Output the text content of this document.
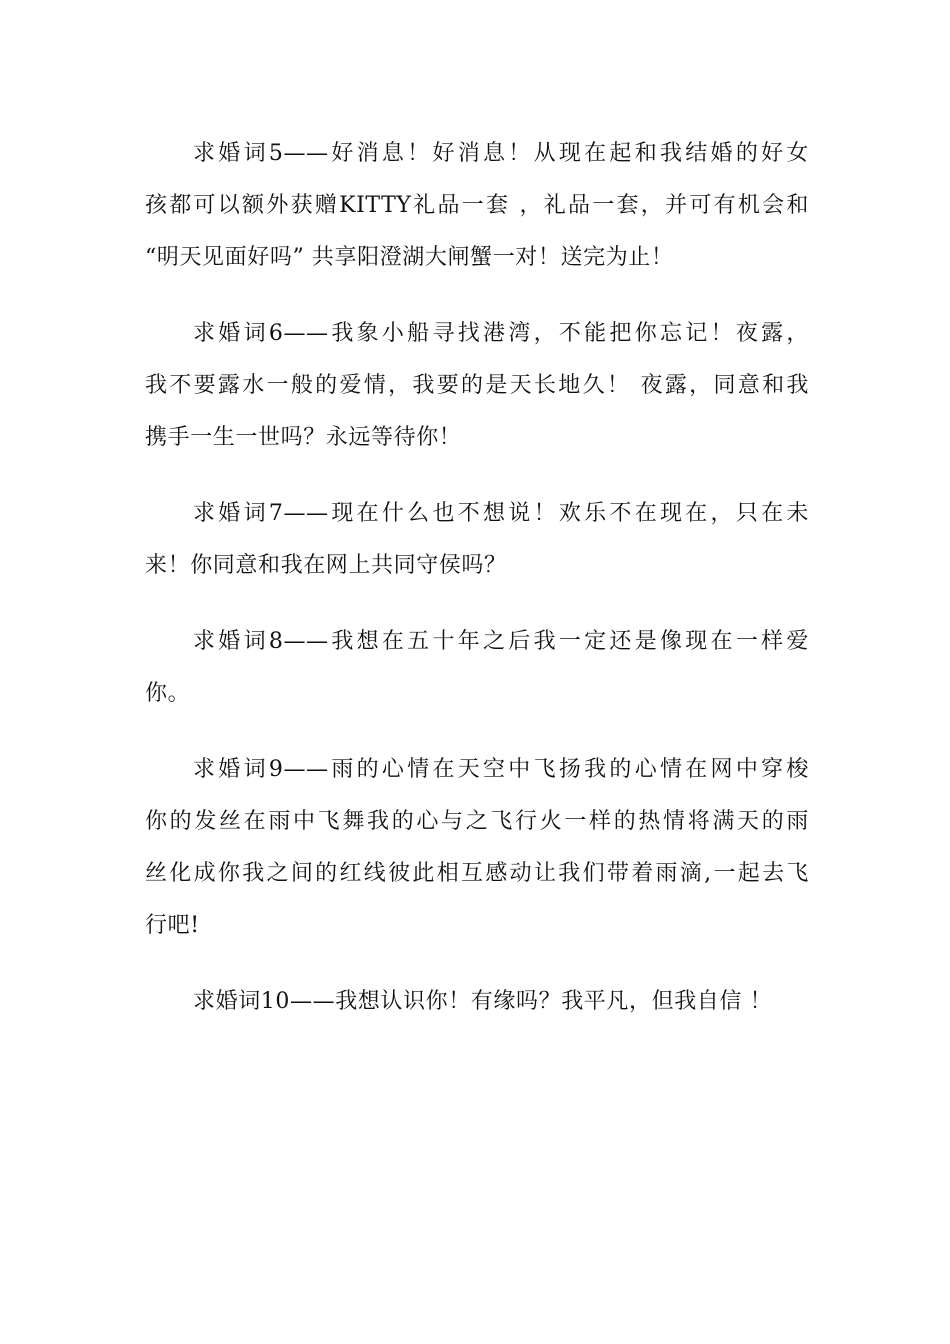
求婚词5——好消息！好消息！从现在起和我结婚的好女
孩都可以额外获赠KITTY礼品一套 ，礼品一套，并可有机会和
“明天见面好吗” 共享阳澄湖大闸蟹一对！送完为止！
求婚词6——我象小船寻找港湾，不能把你忘记！夜露，
我不要露水一般的爱情，我要的是天长地久！ 夜露，同意和我
携手一生一世吗？永远等待你！
求婚词7——现在什么也不想说！欢乐不在现在，只在未
来！你同意和我在网上共同守侯吗？
求婚词8——我想在五十年之后我一定还是像现在一样爱
你。
求婚词9——雨的心情在天空中飞扬我的心情在网中穿梭
你的发丝在雨中飞舞我的心与之飞行火一样的热情将满天的雨
丝化成你我之间的红线彼此相互感动让我们带着雨滴,一起去飞
行吧!
求婚词10——我想认识你！有缘吗？我平凡，但我自信 ！
